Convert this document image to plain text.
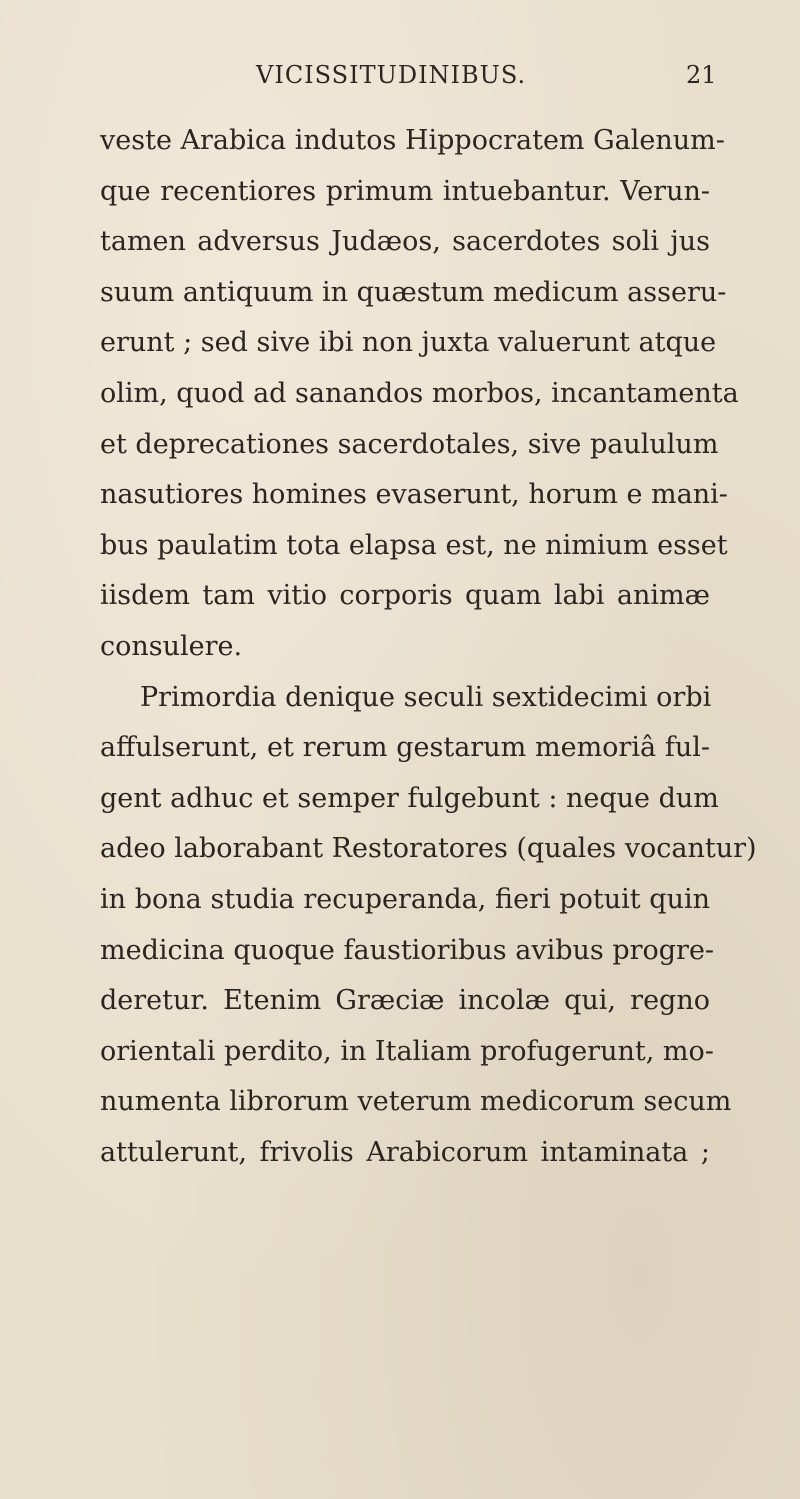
VICISSITUDINIBUS.	21
veste Arabica indutos Hippocratem Galenum-
que recentiores primum intuebantur. Verun-
tamen adversus Judæos, sacerdotes soli jus
suum antiquum in quæstum medicum asseru-
erunt ; sed sive ibi non juxta valuerunt atque
olim, quod ad sanandos morbos, incantamenta
et deprecationes sacerdotales, sive paululum
nasutiores homines evaserunt, horum e mani-
bus paulatim tota elapsa est, ne nimium esset
iisdem tam vitio corporis quam labi animæ
consulere.
Primordia denique seculi sextidecimi orbi
affulserunt, et rerum gestarum memoriâ ful-
gent adhuc et semper fulgebunt : neque dum
adeo laborabant Restoratores (quales vocantur)
in bona studia recuperanda, fieri potuit quin
medicina quoque faustioribus avibus progre-
deretur. Etenim Græciæ incolæ qui, regno
orientali perdito, in Italiam profugerunt, mo-
numenta librorum veterum medicorum secum
attulerunt, frivolis Arabicorum intaminata ;
